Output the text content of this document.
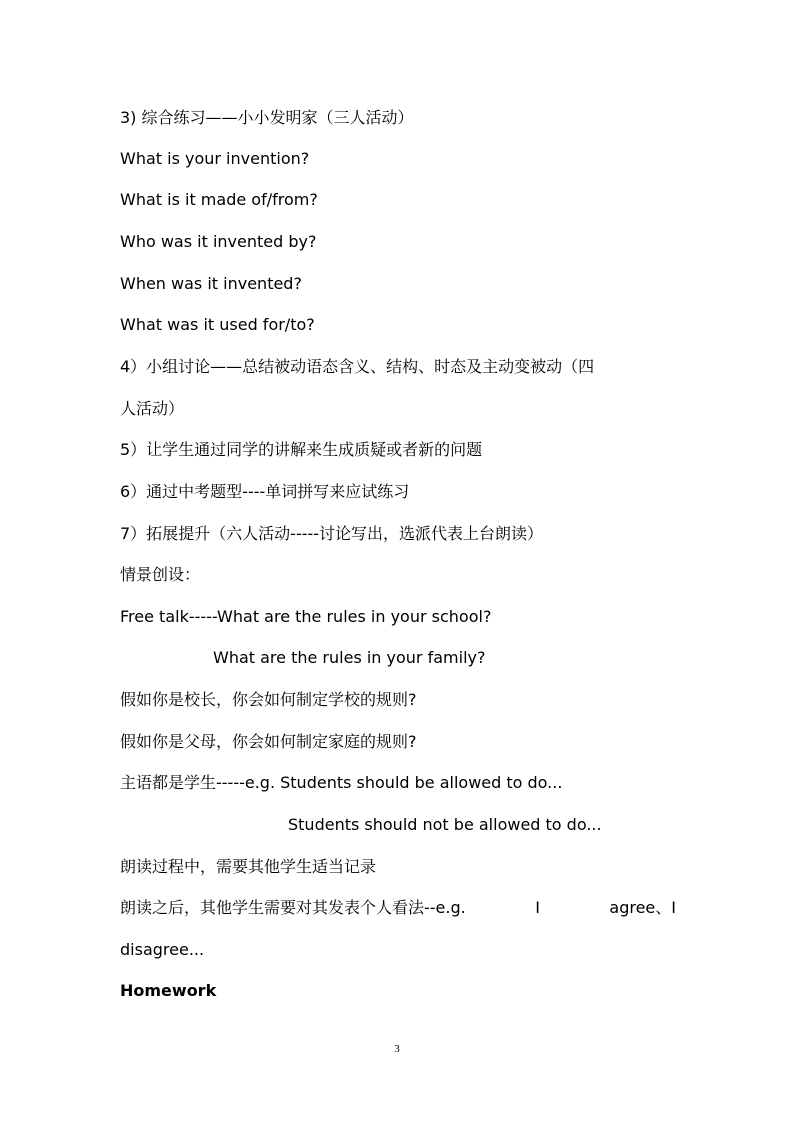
3) 综合练习——小小发明家（三人活动）
What is your invention?
What is it made of/from?
Who was it invented by?
When was it invented?
What was it used for/to?
4）小组讨论——总结被动语态含义、结构、时态及主动变被动（四
人活动）
5）让学生通过同学的讲解来生成质疑或者新的问题
6）通过中考题型----单词拼写来应试练习
7）拓展提升（六人活动-----讨论写出，选派代表上台朗读）
情景创设：
Free talk-----What are the rules in your school?
What are the rules in your family?
假如你是校长，你会如何制定学校的规则?
假如你是父母，你会如何制定家庭的规则?
主语都是学生-----e.g. Students should be allowed to do...
Students should not be allowed to do...
朗读过程中，需要其他学生适当记录
朗读之后，其他学生需要对其发表个人看法--e.g.	I	agree、I
disagree...
Homework
3
